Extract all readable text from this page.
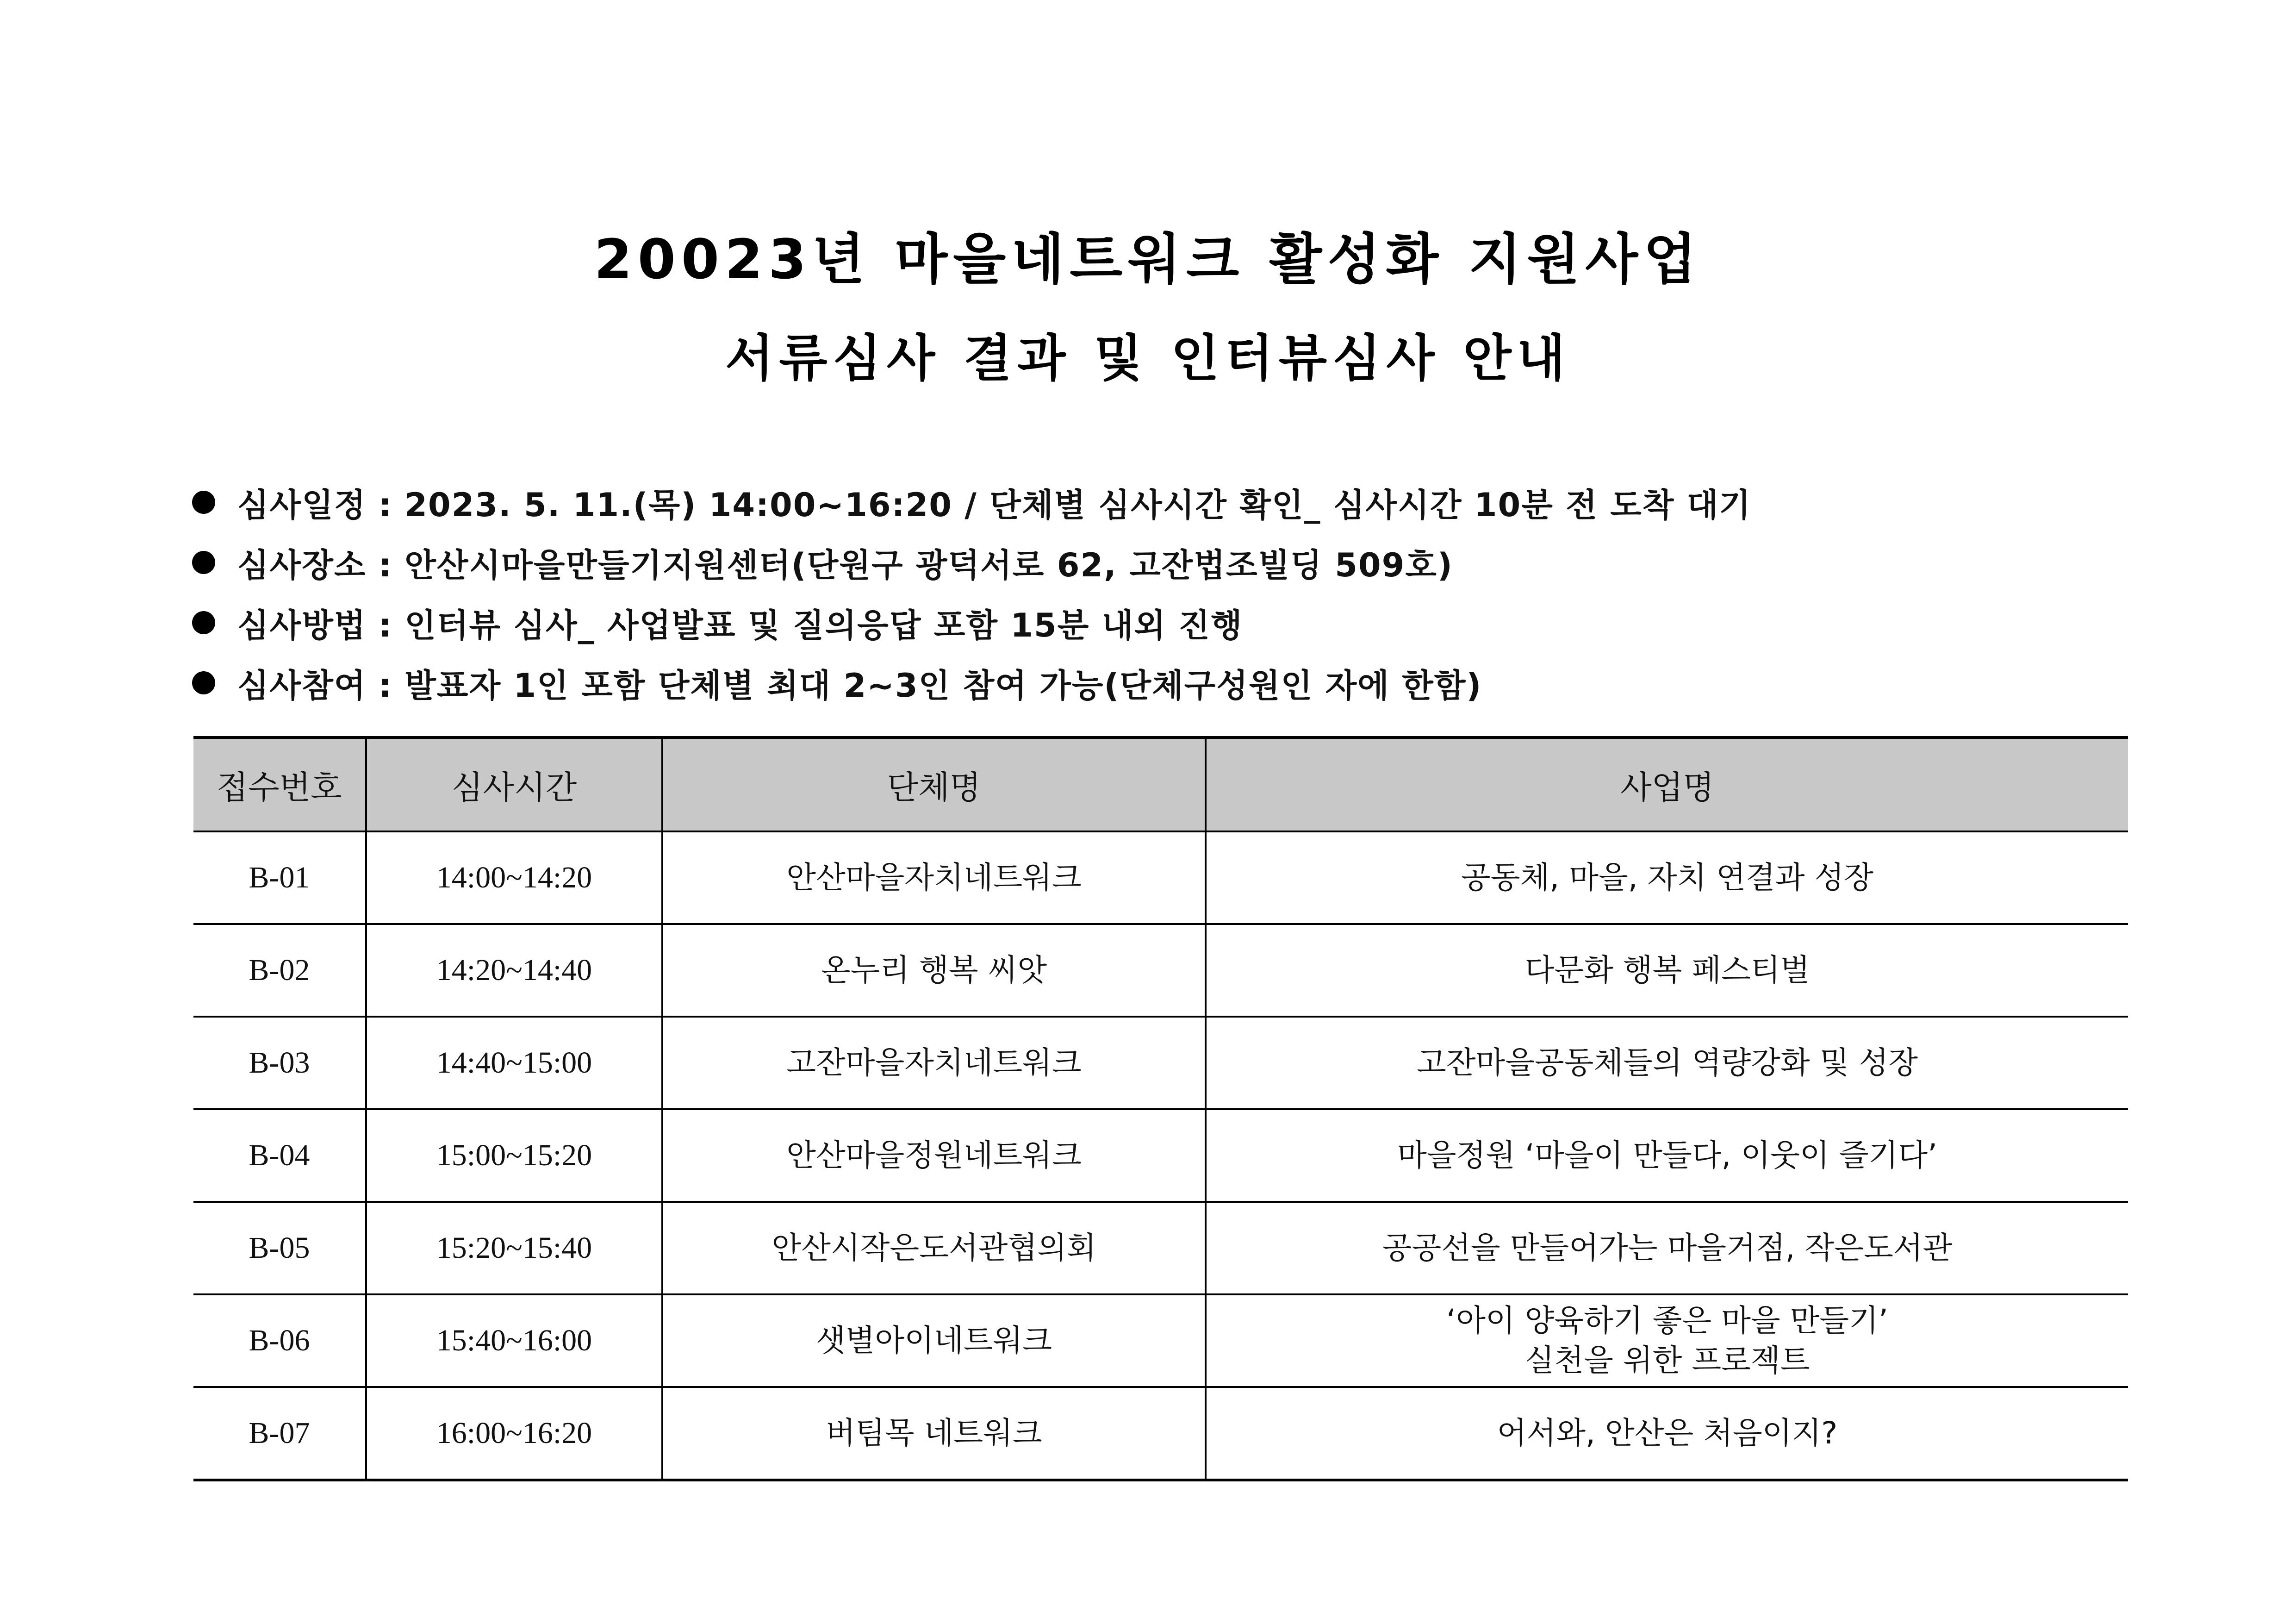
20023년 마을네트워크 활성화 지원사업
서류심사 결과 및 인터뷰심사 안내
심사일정 : 2023. 5. 11.(목) 14:00~16:20 / 단체별 심사시간 확인_ 심사시간 10분 전 도착 대기
심사장소 : 안산시마을만들기지원센터(단원구 광덕서로 62, 고잔법조빌딩 509호)
심사방법 : 인터뷰 심사_ 사업발표 및 질의응답 포함 15분 내외 진행
심사참여 : 발표자 1인 포함 단체별 최대 2~3인 참여 가능(단체구성원인 자에 한함)
접수번호	심사시간	단체명	사업명
B-01	14:00~14:20	안산마을자치네트워크	공동체, 마을, 자치 연결과 성장
B-02	14:20~14:40	온누리 행복 씨앗	다문화 행복 페스티벌
B-03	14:40~15:00	고잔마을자치네트워크	고잔마을공동체들의 역량강화 및 성장
B-04	15:00~15:20	안산마을정원네트워크	마을정원 ‘마을이 만들다, 이웃이 즐기다’
B-05	15:20~15:40	안산시작은도서관협의회	공공선을 만들어가는 마을거점, 작은도서관
B-06	15:40~16:00	샛별아이네트워크	‘아이 양육하기 좋은 마을 만들기’
실천을 위한 프로젝트

B-07	16:00~16:20	버팀목 네트워크	어서와, 안산은 처음이지?
